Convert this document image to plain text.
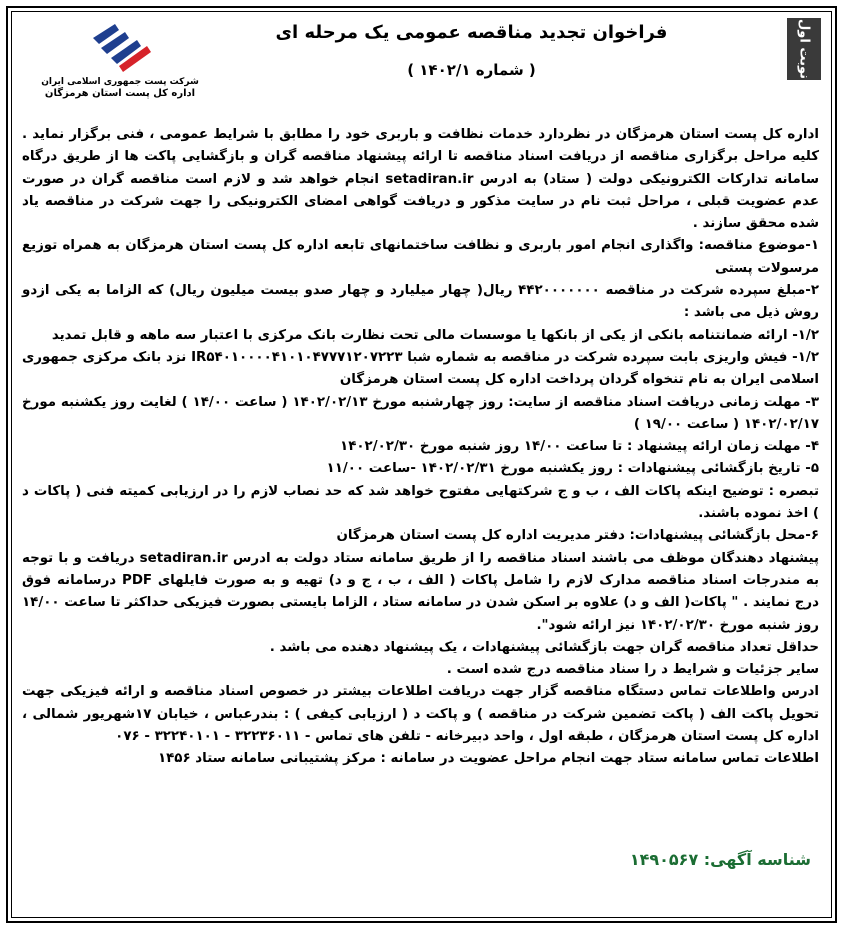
نوبت اول
فراخوان تجدید مناقصه عمومی یک مرحله ای
( شماره ۱۴۰۲/۱ )
شرکت پست جمهوری اسلامی ایران
اداره کل پست استان هرمزگان

اداره کل پست استان هرمزگان در نظردارد خدمات نظافت و باربری خود را مطابق با شرایط عمومی ، فنی برگزار نماید . کلیه مراحل برگزاری مناقصه از دریافت اسناد مناقصه تا ارائه پیشنهاد مناقصه گران و بازگشایی پاکت ها از طریق درگاه سامانه تدارکات الکترونیکی دولت ( ستاد) به ادرس setadiran.ir انجام خواهد شد و لازم است مناقصه گران در صورت عدم عضویت قبلی ، مراحل ثبت نام در سایت مذکور و دریافت گواهی امضای الکترونیکی را جهت شرکت در مناقصه یاد شده محقق سازند .

۱-موضوع مناقصه: واگذاری انجام امور باربری و نظافت ساختمانهای تابعه اداره کل پست استان هرمزگان به همراه توزیع مرسولات پستی

۲-مبلغ سپرده شرکت در مناقصه ۴۴۲۰۰۰۰۰۰۰ ریال( چهار میلیارد و چهار صدو بیست میلیون ریال) که الزاما به یکی ازدو روش ذیل می باشد :

۱/۲- ارائه ضمانتنامه بانکی از یکی از بانکها یا موسسات مالی تحت نظارت بانک مرکزی با اعتبار سه ماهه و قابل تمدید

۱/۲- فیش واریزی بابت سپرده شرکت در مناقصه به شماره شبا IR۵۴۰۱۰۰۰۰۴۱۰۱۰۴۷۷۷۱۲۰۷۲۲۳ نزد بانک مرکزی جمهوری اسلامی ایران به نام تنخواه گردان پرداخت اداره کل پست استان هرمزگان

۳- مهلت زمانی دریافت اسناد مناقصه از سایت: روز چهارشنبه مورخ ۱۴۰۲/۰۲/۱۳ ( ساعت ۱۴/۰۰ ) لغایت روز یکشنبه مورخ ۱۴۰۲/۰۲/۱۷ ( ساعت ۱۹/۰۰ )

۴- مهلت زمان ارائه پیشنهاد : تا ساعت ۱۴/۰۰ روز شنبه مورخ ۱۴۰۲/۰۲/۳۰

۵- تاریخ بازگشائی پیشنهادات : روز یکشنبه مورخ ۱۴۰۲/۰۲/۳۱ -ساعت ۱۱/۰۰

تبصره : توضیح اینکه پاکات الف ، ب و ج شرکتهایی مفتوح خواهد شد که حد نصاب لازم را در ارزیابی کمیته فنی ( پاکات د ) اخذ نموده باشند.

۶-محل بازگشائی پیشنهادات: دفتر مدیریت اداره کل پست استان هرمزگان

پیشنهاد دهندگان موظف می باشند اسناد مناقصه را از طریق سامانه ستاد دولت به ادرس setadiran.ir دریافت و با توجه به مندرجات اسناد مناقصه مدارک لازم را شامل پاکات ( الف ، ب ، ج و د) تهیه و به صورت فایلهای PDF درسامانه فوق درج نمایند . " پاکات( الف و د) علاوه بر اسکن شدن در سامانه ستاد ، الزاما بایستی بصورت فیزیکی حداکثر تا ساعت ۱۴/۰۰ روز شنبه مورخ ۱۴۰۲/۰۲/۳۰ نیز ارائه شود".

حداقل تعداد مناقصه گران جهت بازگشائی پیشنهادات ، یک پیشنهاد دهنده می باشد .

سایر جزئیات و شرایط د را سناد مناقصه درج شده است .

ادرس واطلاعات تماس دستگاه مناقصه گزار جهت دریافت اطلاعات بیشتر در خصوص اسناد مناقصه و ارائه فیزیکی جهت تحویل پاکت الف ( پاکت تضمین شرکت در مناقصه ) و پاکت د ( ارزیابی کیفی ) : بندرعباس ، خیابان ۱۷شهریور شمالی ، اداره کل پست استان هرمزگان ، طبقه اول ، واحد دبیرخانه - تلفن های تماس - ۳۲۲۳۶۰۱۱ - ۳۲۲۴۰۱۰۱ - ۰۷۶

اطلاعات تماس سامانه ستاد جهت انجام مراحل عضویت در سامانه : مرکز پشتیبانی سامانه ستاد ۱۴۵۶

شناسه آگهی: ۱۴۹۰۵۶۷
